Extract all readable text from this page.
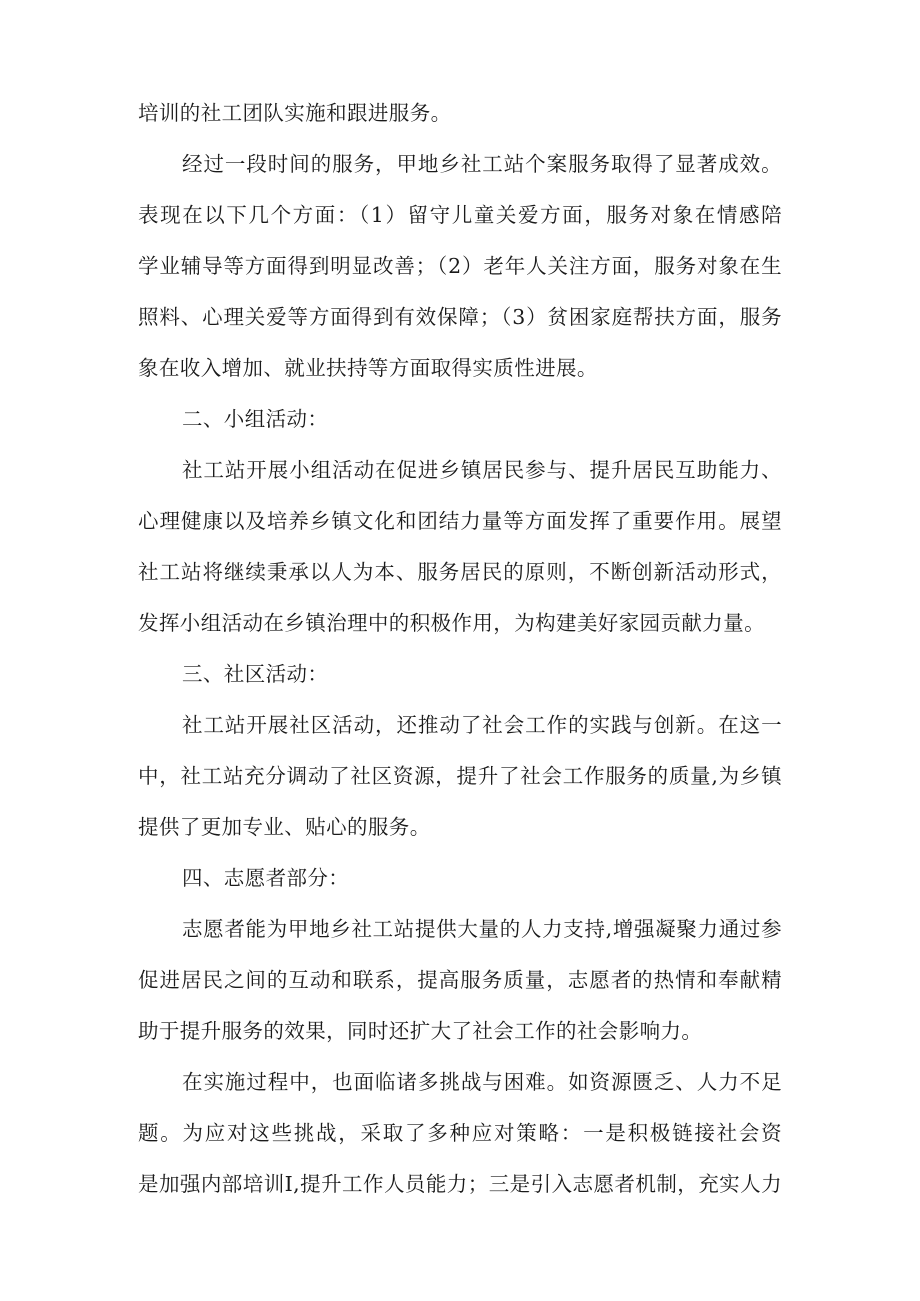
培训的社工团队实施和跟进服务。
经过一段时间的服务，甲地乡社工站个案服务取得了显著成效。
表现在以下几个方面：（1）留守儿童关爱方面，服务对象在情感陪
学业辅导等方面得到明显改善；（2）老年人关注方面，服务对象在生
照料、心理关爱等方面得到有效保障；（3）贫困家庭帮扶方面，服务
象在收入增加、就业扶持等方面取得实质性进展。
二、小组活动：
社工站开展小组活动在促进乡镇居民参与、提升居民互助能力、
心理健康以及培养乡镇文化和团结力量等方面发挥了重要作用。展望
社工站将继续秉承以人为本、服务居民的原则，不断创新活动形式，
发挥小组活动在乡镇治理中的积极作用，为构建美好家园贡献力量。
三、社区活动：
社工站开展社区活动，还推动了社会工作的实践与创新。在这一
中，社工站充分调动了社区资源，提升了社会工作服务的质量,为乡镇
提供了更加专业、贴心的服务。
四、志愿者部分：
志愿者能为甲地乡社工站提供大量的人力支持,增强凝聚力通过参
促进居民之间的互动和联系，提高服务质量，志愿者的热情和奉献精
助于提升服务的效果，同时还扩大了社会工作的社会影响力。
在实施过程中，也面临诸多挑战与困难。如资源匮乏、人力不足
题。为应对这些挑战，采取了多种应对策略：一是积极链接社会资
是加强内部培训I,提升工作人员能力；三是引入志愿者机制，充实人力
